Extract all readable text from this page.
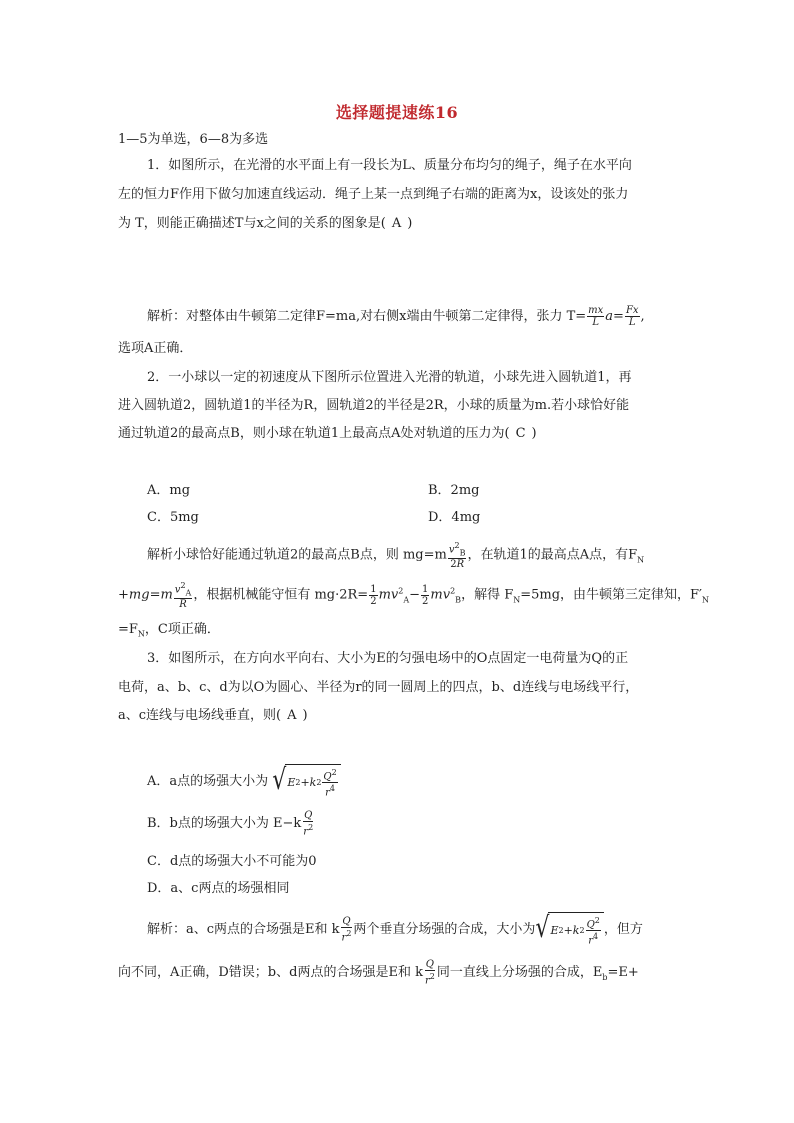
选择题提速练16
1—5为单选，6—8为多选
1．如图所示，在光滑的水平面上有一段长为L、质量分布均匀的绳子，绳子在水平向
左的恒力F作用下做匀加速直线运动．绳子上某一点到绳子右端的距离为x，设该处的张力
为 T，则能正确描述T与x之间的关系的图象是( A )
解析：对整体由牛顿第二定律F=ma,对右侧x端由牛顿第二定律得，张力 $T= \frac{mx}{L} a= \frac{Fx}{L}$ ,
选项A正确．
2．一小球以一定的初速度从下图所示位置进入光滑的轨道，小球先进入圆轨道1，再
进入圆轨道2，圆轨道1的半径为R，圆轨道2的半径是2R，小球的质量为m.若小球恰好能
通过轨道2的最高点B，则小球在轨道1上最高点A处对轨道的压力为( C )
A．mg	B．2mg
C．5mg	D．4mg
解析小球恰好能通过轨道2的最高点B点，则 $mg=m \frac{v^2_B}{2R}$ ，在轨道1的最高点A点，有$F_N$
$+mg=m \frac{v^2_A}{R}$ ，根据机械能守恒有 $mg\cdot 2R= \frac{1}{2} mv^2_A- \frac{1}{2} mv^2_B$，解得 $F_N=5mg$，由牛顿第三定律知，$F'_N$
$=F_N$，C项正确．
3．如图所示，在方向水平向右、大小为E的匀强电场中的O点固定一电荷量为Q的正
电荷，a、b、c、d为以O为圆心、半径为r的同一圆周上的四点，b、d连线与电场线平行，
a、c连线与电场线垂直，则( A )
A．a点的场强大小为 √ E 2 + k $2 \frac{Q^2}{r^4}$
B．b点的场强大小为 $E-k \frac{Q}{r^2}$
C．d点的场强大小不可能为0
D．a、c两点的场强相同
解析：a、c两点的合场强是E和 k $\frac{Q}{r^2}$ 两个垂直分场强的合成，大小为 √ E 2 + k $2 \frac{Q^2}{r^4}$ ，但方
向不同，A正确，D错误；b、d两点的合场强是E和 k $\frac{Q}{r^2}$ 同一直线上分场强的合成，$E_b=E+$
